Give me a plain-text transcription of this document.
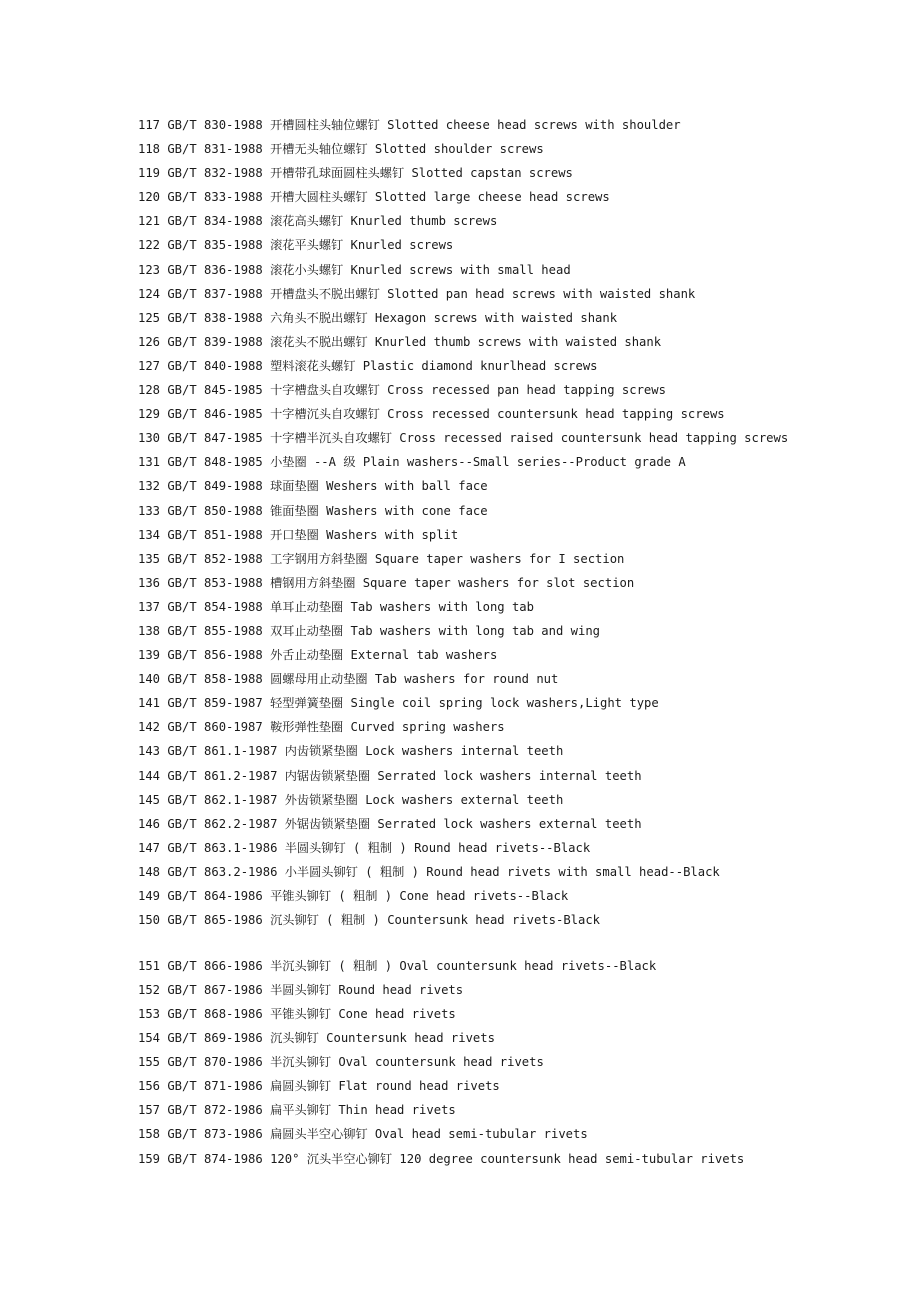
117 GB/T 830-1988 开槽圆柱头轴位螺钉 Slotted cheese head screws with shoulder
118 GB/T 831-1988 开槽无头轴位螺钉 Slotted shoulder screws
119 GB/T 832-1988 开槽带孔球面圆柱头螺钉 Slotted capstan screws
120 GB/T 833-1988 开槽大圆柱头螺钉 Slotted large cheese head screws
121 GB/T 834-1988 滚花高头螺钉 Knurled thumb screws
122 GB/T 835-1988 滚花平头螺钉 Knurled screws
123 GB/T 836-1988 滚花小头螺钉 Knurled screws with small head
124 GB/T 837-1988 开槽盘头不脱出螺钉 Slotted pan head screws with waisted shank
125 GB/T 838-1988 六角头不脱出螺钉 Hexagon screws with waisted shank
126 GB/T 839-1988 滚花头不脱出螺钉 Knurled thumb screws with waisted shank
127 GB/T 840-1988 塑料滚花头螺钉 Plastic diamond knurlhead screws
128 GB/T 845-1985 十字槽盘头自攻螺钉 Cross recessed pan head tapping screws
129 GB/T 846-1985 十字槽沉头自攻螺钉 Cross recessed countersunk head tapping screws
130 GB/T 847-1985 十字槽半沉头自攻螺钉 Cross recessed raised countersunk head tapping screws
131 GB/T 848-1985 小垫圈 --A 级 Plain washers--Small series--Product grade A
132 GB/T 849-1988 球面垫圈 Weshers with ball face
133 GB/T 850-1988 锥面垫圈 Washers with cone face
134 GB/T 851-1988 开口垫圈 Washers with split
135 GB/T 852-1988 工字钢用方斜垫圈 Square taper washers for I section
136 GB/T 853-1988 槽钢用方斜垫圈 Square taper washers for slot section
137 GB/T 854-1988 单耳止动垫圈 Tab washers with long tab
138 GB/T 855-1988 双耳止动垫圈 Tab washers with long tab and wing
139 GB/T 856-1988 外舌止动垫圈 External tab washers
140 GB/T 858-1988 圆螺母用止动垫圈 Tab washers for round nut
141 GB/T 859-1987 轻型弹簧垫圈 Single coil spring lock washers,Light type
142 GB/T 860-1987 鞍形弹性垫圈 Curved spring washers
143 GB/T 861.1-1987 内齿锁紧垫圈 Lock washers internal teeth
144 GB/T 861.2-1987 内锯齿锁紧垫圈 Serrated lock washers internal teeth
145 GB/T 862.1-1987 外齿锁紧垫圈 Lock washers external teeth
146 GB/T 862.2-1987 外锯齿锁紧垫圈 Serrated lock washers external teeth
147 GB/T 863.1-1986 半圆头铆钉 ( 粗制 ) Round head rivets--Black
148 GB/T 863.2-1986 小半圆头铆钉 ( 粗制 ) Round head rivets with small head--Black
149 GB/T 864-1986 平锥头铆钉 ( 粗制 ) Cone head rivets--Black
150 GB/T 865-1986 沉头铆钉 ( 粗制 ) Countersunk head rivets-Black
151 GB/T 866-1986 半沉头铆钉 ( 粗制 ) Oval countersunk head rivets--Black
152 GB/T 867-1986 半圆头铆钉 Round head rivets
153 GB/T 868-1986 平锥头铆钉 Cone head rivets
154 GB/T 869-1986 沉头铆钉 Countersunk head rivets
155 GB/T 870-1986 半沉头铆钉 Oval countersunk head rivets
156 GB/T 871-1986 扁圆头铆钉 Flat round head rivets
157 GB/T 872-1986 扁平头铆钉 Thin head rivets
158 GB/T 873-1986 扁圆头半空心铆钉 Oval head semi-tubular rivets
159 GB/T 874-1986 120° 沉头半空心铆钉 120 degree countersunk head semi-tubular rivets
